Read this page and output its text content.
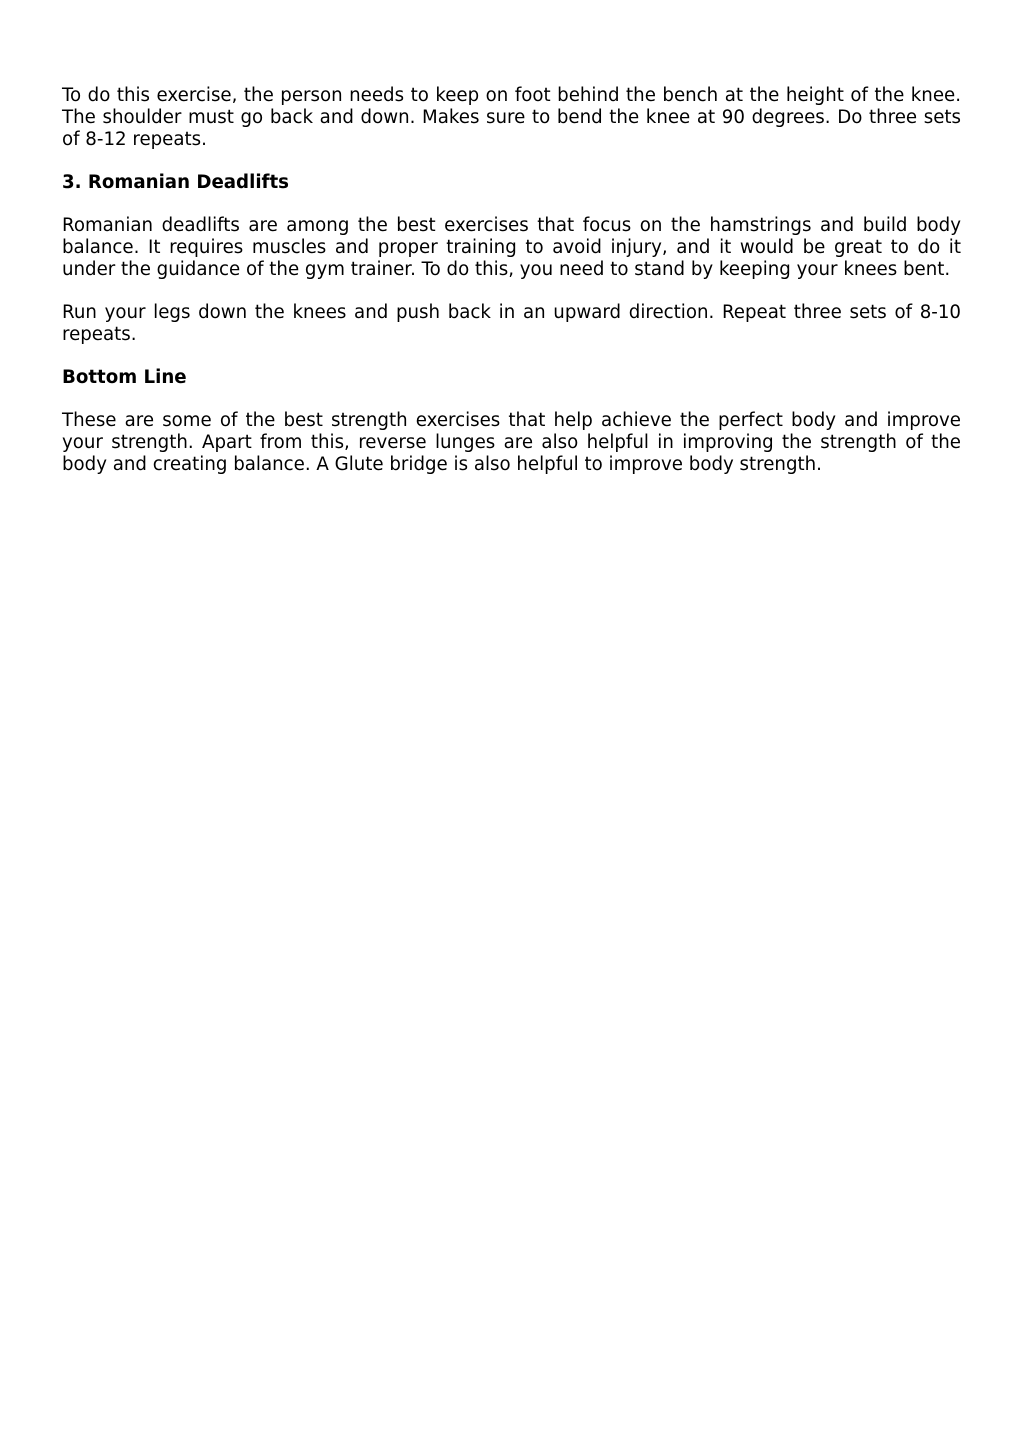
To do this exercise, the person needs to keep on foot behind the bench at the height of the knee. The shoulder must go back and down. Makes sure to bend the knee at 90 degrees. Do three sets of 8-12 repeats.

3. Romanian Deadlifts

Romanian deadlifts are among the best exercises that focus on the hamstrings and build body balance. It requires muscles and proper training to avoid injury, and it would be great to do it under the guidance of the gym trainer. To do this, you need to stand by keeping your knees bent.

Run your legs down the knees and push back in an upward direction. Repeat three sets of 8-10 repeats.

Bottom Line

These are some of the best strength exercises that help achieve the perfect body and improve your strength. Apart from this, reverse lunges are also helpful in improving the strength of the body and creating balance. A Glute bridge is also helpful to improve body strength.
